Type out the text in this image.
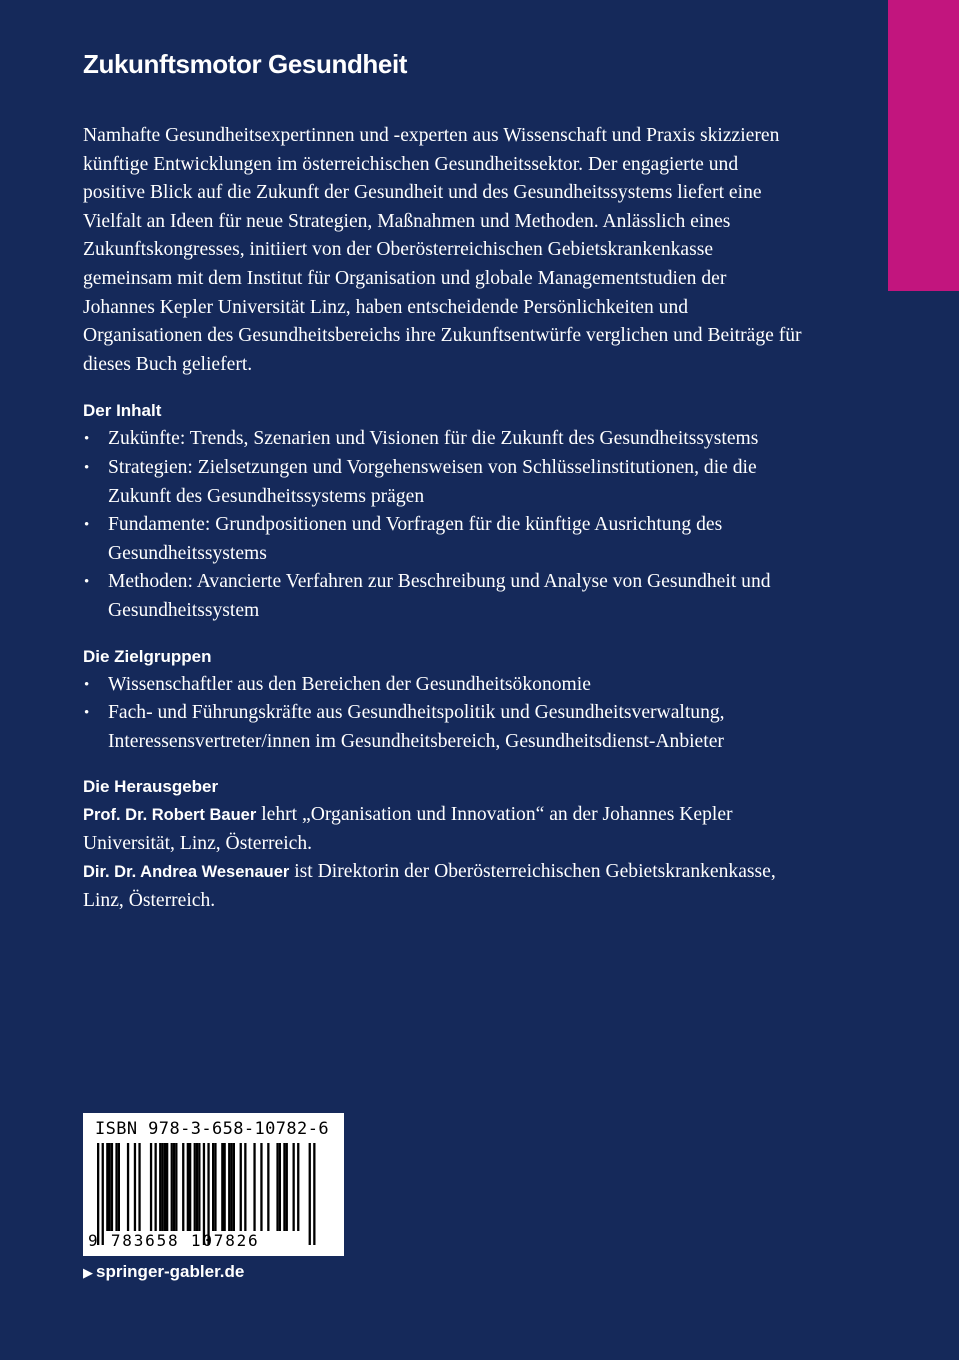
Zukunftsmotor Gesundheit

Namhafte Gesundheitsexpertinnen und -experten aus Wissenschaft und Praxis skizzieren künftige Entwicklungen im österreichischen Gesundheitssektor. Der engagierte und positive Blick auf die Zukunft der Gesundheit und des Gesundheitssystems liefert eine Vielfalt an Ideen für neue Strategien, Maßnahmen und Methoden. Anlässlich eines Zukunftskongresses, initiiert von der Oberösterreichischen Gebietskrankenkasse gemeinsam mit dem Institut für Organisation und globale Managementstudien der Johannes Kepler Universität Linz, haben entscheidende Persönlichkeiten und Organisationen des Gesundheitsbereichs ihre Zukunftsentwürfe verglichen und Beiträge für dieses Buch geliefert.

Der Inhalt
• Zukünfte: Trends, Szenarien und Visionen für die Zukunft des Gesundheitssystems
• Strategien: Zielsetzungen und Vorgehensweisen von Schlüsselinstitutionen, die die Zukunft des Gesundheitssystems prägen
• Fundamente: Grundpositionen und Vorfragen für die künftige Ausrichtung des Gesundheitssystems
• Methoden: Avancierte Verfahren zur Beschreibung und Analyse von Gesundheit und Gesundheitssystem
Die Zielgruppen
• Wissenschaftler aus den Bereichen der Gesundheitsökonomie
• Fach- und Führungskräfte aus Gesundheitspolitik und Gesundheitsverwaltung, Interessensvertreter/innen im Gesundheitsbereich, Gesundheitsdienst-Anbieter
Die Herausgeber

Prof. Dr. Robert Bauer lehrt „Organisation und Innovation“ an der Johannes Kepler Universität, Linz, Österreich.

Dir. Dr. Andrea Wesenauer ist Direktorin der Oberösterreichischen Gebietskrankenkasse, Linz, Österreich.

ISBN 978-3-658-10782-6
9 783658 107826
▶ springer-gabler.de
